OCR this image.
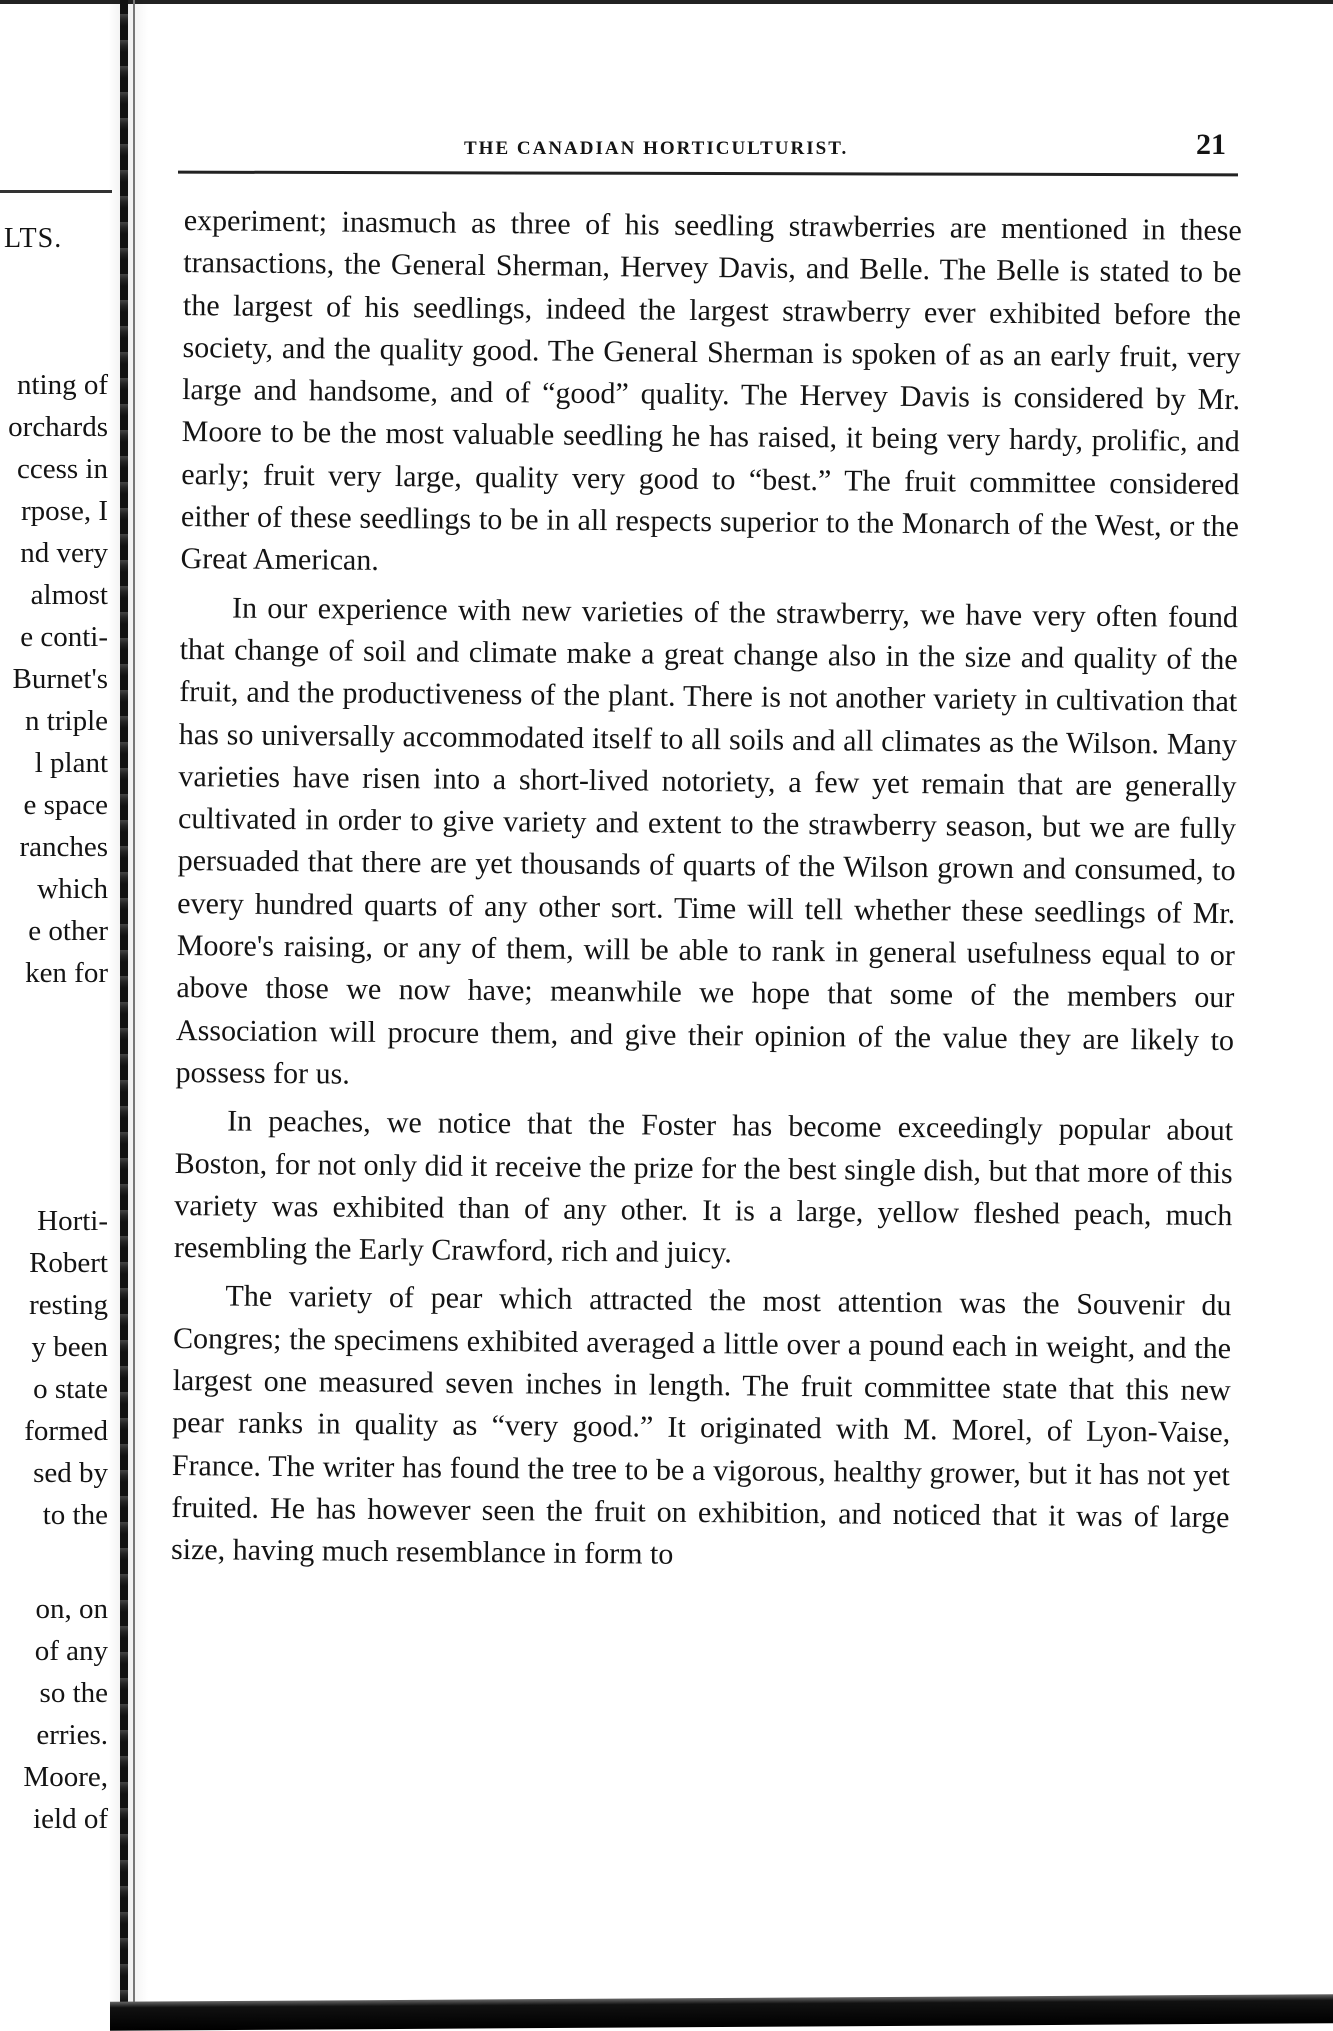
LTS.
nting of
orchards
ccess in
rpose, I
nd very
almost
e conti-
Burnet's
n triple
l plant
e space
ranches
which
e other
ken for
Horti-
Robert
resting
y been
o state
formed
sed by
to the
on, on
of any
so the
erries.
Moore,
ield of
THE CANADIAN HORTICULTURIST.	21

experiment; inasmuch as three of his seedling strawberries are mentioned in these transactions, the General Sherman, Hervey Davis, and Belle. The Belle is stated to be the largest of his seedlings, indeed the largest strawberry ever exhibited before the society, and the quality good. The General Sherman is spoken of as an early fruit, very large and handsome, and of “good” quality. The Hervey Davis is considered by Mr. Moore to be the most valuable seedling he has raised, it being very hardy, prolific, and early; fruit very large, quality very good to “best.” The fruit committee considered either of these seedlings to be in all respects superior to the Monarch of the West, or the Great American.

In our experience with new varieties of the strawberry, we have very often found that change of soil and climate make a great change also in the size and quality of the fruit, and the productiveness of the plant. There is not another variety in cultivation that has so universally accommodated itself to all soils and all climates as the Wilson. Many varieties have risen into a short-lived notoriety, a few yet remain that are generally cultivated in order to give variety and extent to the strawberry season, but we are fully persuaded that there are yet thousands of quarts of the Wilson grown and consumed, to every hundred quarts of any other sort. Time will tell whether these seedlings of Mr. Moore's raising, or any of them, will be able to rank in general usefulness equal to or above those we now have; meanwhile we hope that some of the members our Association will procure them, and give their opinion of the value they are likely to possess for us.

In peaches, we notice that the Foster has become exceedingly popular about Boston, for not only did it receive the prize for the best single dish, but that more of this variety was exhibited than of any other. It is a large, yellow fleshed peach, much resembling the Early Crawford, rich and juicy.

The variety of pear which attracted the most attention was the Souvenir du Congres; the specimens exhibited averaged a little over a pound each in weight, and the largest one measured seven inches in length. The fruit committee state that this new pear ranks in quality as “very good.” It originated with M. Morel, of Lyon-Vaise, France. The writer has found the tree to be a vigorous, healthy grower, but it has not yet fruited. He has however seen the fruit on exhibition, and noticed that it was of large size, having much resemblance in form to
